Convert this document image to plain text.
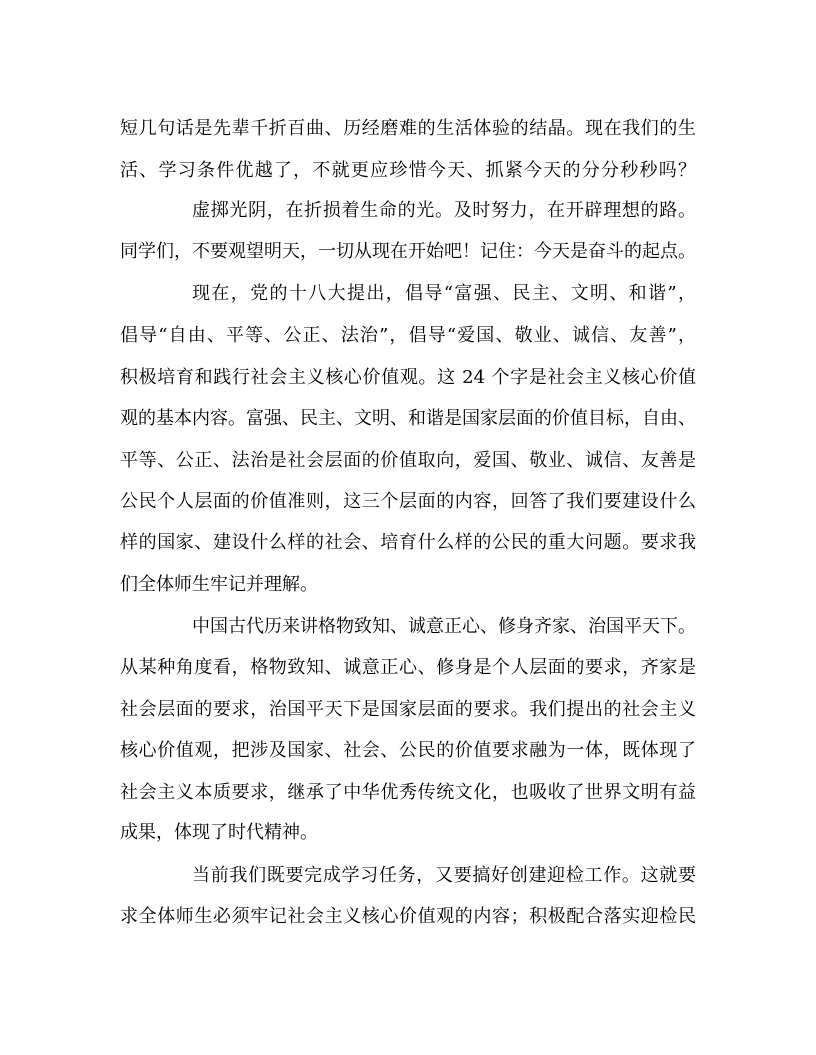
短几句话是先辈千折百曲、历经磨难的生活体验的结晶。现在我们的生
活、学习条件优越了，不就更应珍惜今天、抓紧今天的分分秒秒吗？
虚掷光阴，在折损着生命的光。及时努力，在开辟理想的路。
同学们，不要观望明天，一切从现在开始吧！记住：今天是奋斗的起点。
现在，党的十八大提出，倡导“富强、民主、文明、和谐”，
倡导“自由、平等、公正、法治”，倡导“爱国、敬业、诚信、友善”，
积极培育和践行社会主义核心价值观。这 24 个字是社会主义核心价值
观的基本内容。富强、民主、文明、和谐是国家层面的价值目标，自由、
平等、公正、法治是社会层面的价值取向，爱国、敬业、诚信、友善是
公民个人层面的价值准则，这三个层面的内容，回答了我们要建设什么
样的国家、建设什么样的社会、培育什么样的公民的重大问题。要求我
们全体师生牢记并理解。
中国古代历来讲格物致知、诚意正心、修身齐家、治国平天下。
从某种角度看，格物致知、诚意正心、修身是个人层面的要求，齐家是
社会层面的要求，治国平天下是国家层面的要求。我们提出的社会主义
核心价值观，把涉及国家、社会、公民的价值要求融为一体，既体现了
社会主义本质要求，继承了中华优秀传统文化，也吸收了世界文明有益
成果，体现了时代精神。
当前我们既要完成学习任务，又要搞好创建迎检工作。这就要
求全体师生必须牢记社会主义核心价值观的内容；积极配合落实迎检民
